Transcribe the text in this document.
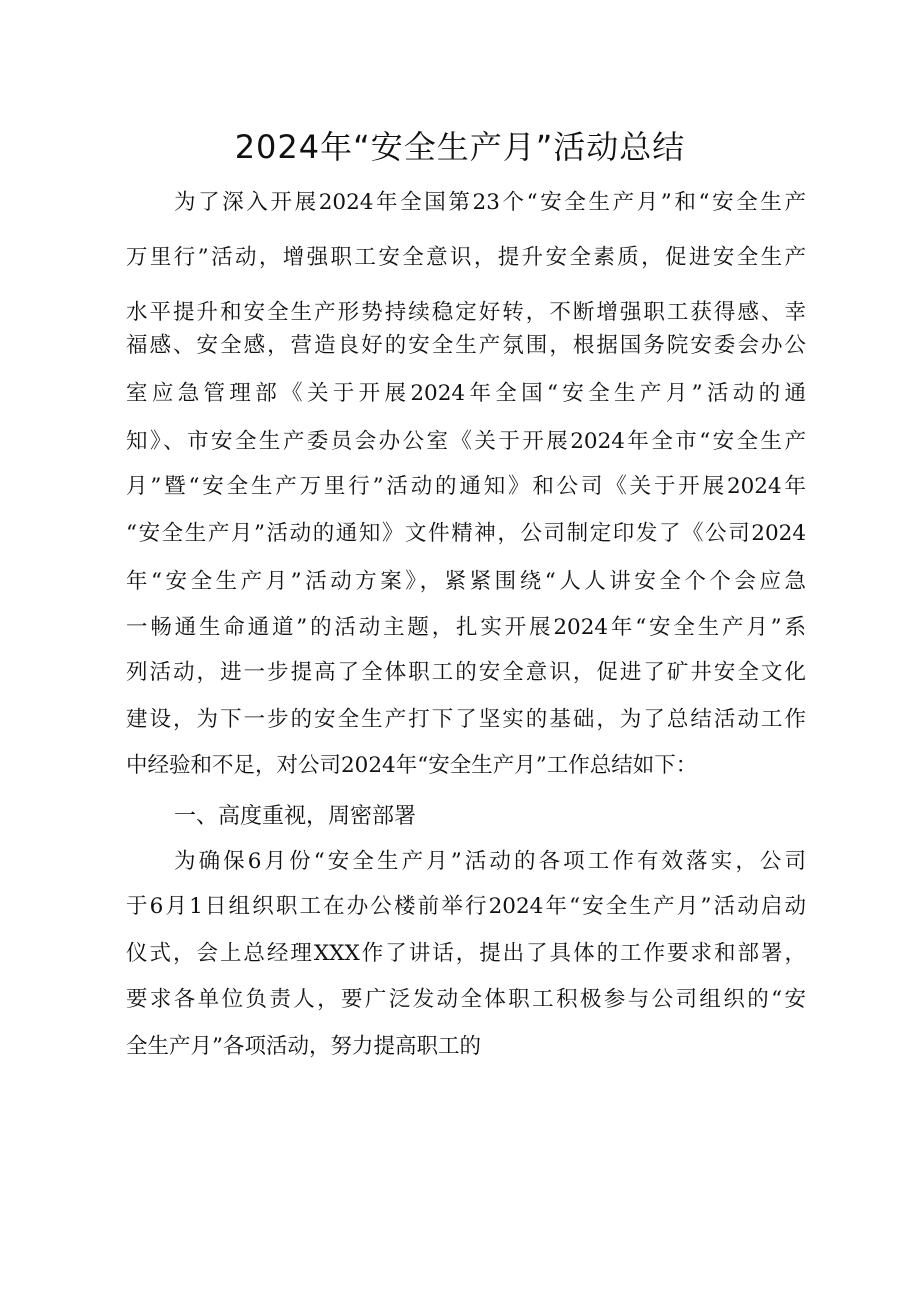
2024年“安全生产月”活动总结
为了深入开展2024年全国第23个“安全生产月”和“安全生产
万里行”活动，增强职工安全意识，提升安全素质，促进安全生产
水平提升和安全生产形势持续稳定好转，不断增强职工获得感、幸
福感、安全感，营造良好的安全生产氛围，根据国务院安委会办公
室应急管理部《关于开展2024年全国“安全生产月”活动的通
知》、市安全生产委员会办公室《关于开展2024年全市“安全生产
月”暨“安全生产万里行”活动的通知》和公司《关于开展2024年
“安全生产月”活动的通知》文件精神，公司制定印发了《公司2024
年“安全生产月”活动方案》，紧紧围绕“人人讲安全个个会应急
一畅通生命通道”的活动主题，扎实开展2024年“安全生产月”系
列活动，进一步提高了全体职工的安全意识，促进了矿井安全文化
建设，为下一步的安全生产打下了坚实的基础，为了总结活动工作
中经验和不足，对公司2024年“安全生产月”工作总结如下：
一、高度重视，周密部署
为确保6月份“安全生产月”活动的各项工作有效落实，公司
于6月1日组织职工在办公楼前举行2024年“安全生产月”活动启动
仪式，会上总经理XXX作了讲话，提出了具体的工作要求和部署，
要求各单位负责人，要广泛发动全体职工积极参与公司组织的“安
全生产月”各项活动，努力提高职工的
